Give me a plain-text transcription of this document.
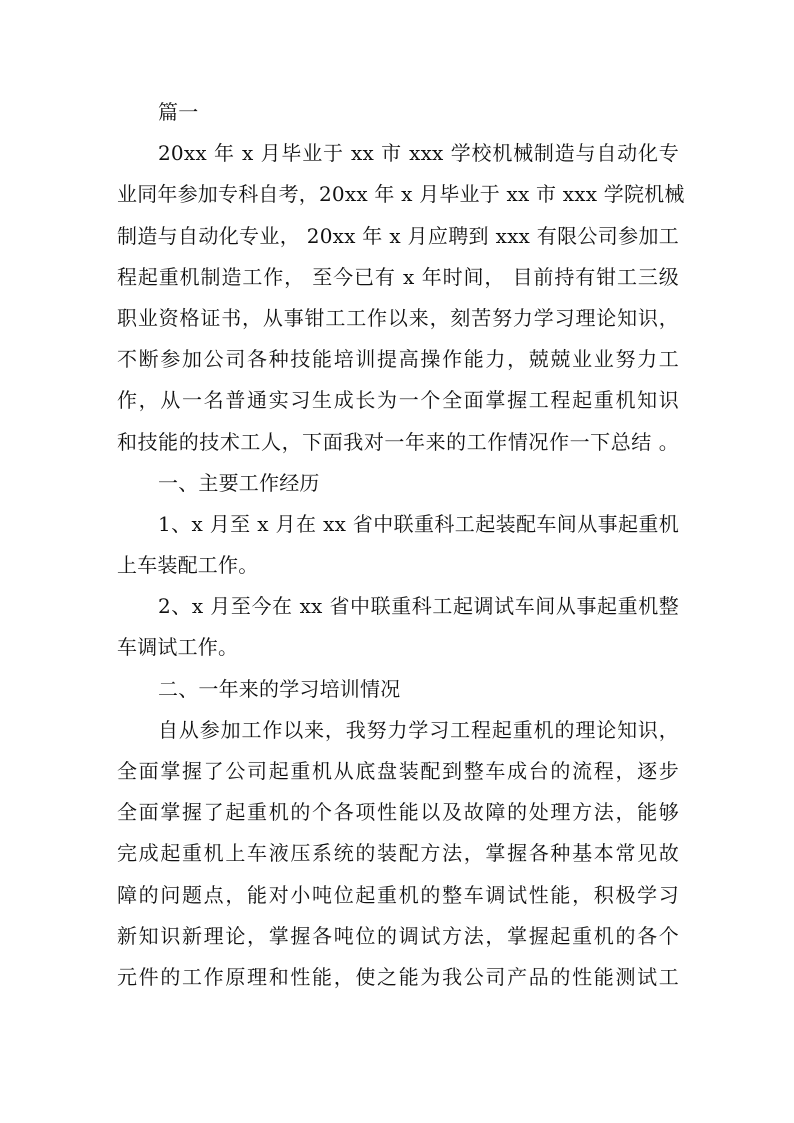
篇一
20xx 年 x 月毕业于 xx 市 xxx 学校机械制造与自动化专
业同年参加专科自考，20xx 年 x 月毕业于 xx 市 xxx 学院机械
制造与自动化专业， 20xx 年 x 月应聘到 xxx 有限公司参加工
程起重机制造工作， 至今已有 x 年时间， 目前持有钳工三级
职业资格证书，从事钳工工作以来，刻苦努力学习理论知识，
不断参加公司各种技能培训提高操作能力，兢兢业业努力工
作，从一名普通实习生成长为一个全面掌握工程起重机知识
和技能的技术工人，下面我对一年来的工作情况作一下总结 。
一、主要工作经历
1、x 月至 x 月在 xx 省中联重科工起装配车间从事起重机
上车装配工作。
2、x 月至今在 xx 省中联重科工起调试车间从事起重机整
车调试工作。
二、一年来的学习培训情况
自从参加工作以来，我努力学习工程起重机的理论知识，
全面掌握了公司起重机从底盘装配到整车成台的流程，逐步
全面掌握了起重机的个各项性能以及故障的处理方法，能够
完成起重机上车液压系统的装配方法，掌握各种基本常见故
障的问题点，能对小吨位起重机的整车调试性能，积极学习
新知识新理论，掌握各吨位的调试方法，掌握起重机的各个
元件的工作原理和性能，使之能为我公司产品的性能测试工
